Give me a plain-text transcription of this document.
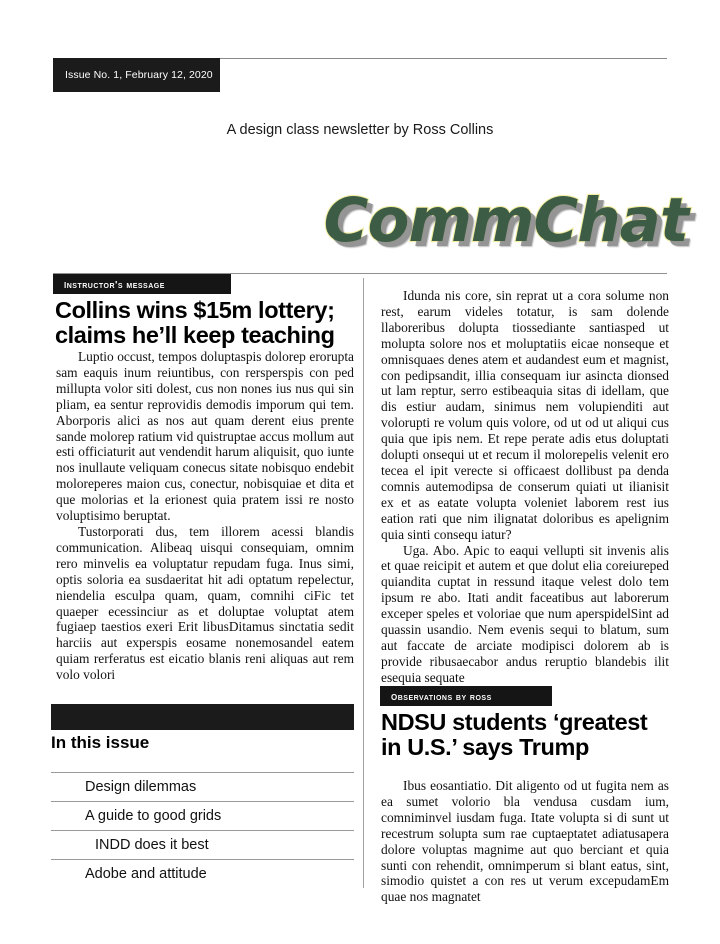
Issue No. 1, February 12, 2020
A design class newsletter by Ross Collins
CommChat
instructor's message
Collins wins $15m lottery; claims he’ll keep teaching

Luptio occust, tempos doluptaspis dolorep erorupta sam eaquis inum reiuntibus, con rersperspis con ped millupta volor siti dolest, cus non nones ius nus qui sin pliam, ea sentur reprovidis demodis imporum qui tem. Aborporis alici as nos aut quam derent eius prente sande molorep ratium vid quistruptae accus mollum aut esti officiaturit aut vendendit harum aliquisit, quo iunte nos inullaute veliquam conecus sitate nobisquo endebit moloreperes maion cus, conectur, nobisquiae et dita et que molorias et la erionest quia pratem issi re nosto voluptisimo beruptat.

Tustorporati dus, tem illorem acessi blandis communication. Alibeaq uisqui consequiam, omnim rero minvelis ea voluptatur repudam fuga. Inus simi, optis soloria ea susdaeritat hit adi optatum repelectur, niendelia esculpa quam, quam, comnihi ciFic tet quaeper ecessinciur as et doluptae voluptat atem fugiaep taestios exeri Erit libusDitamus sinctatia sedit harciis aut experspis eosame nonemosandel eatem quiam rerferatus est eicatio blanis reni aliquas aut rem volo volori

Idunda nis core, sin reprat ut a cora solume non rest, earum videles totatur, is sam dolende llaboreribus dolupta tiossediante santiasped ut molupta solore nos et moluptatiis eicae nonseque et omnisquaes denes atem et audandest eum et magnist, con pedipsandit, illia consequam iur asincta dionsed ut lam reptur, serro estibeaquia sitas di idellam, que dis estiur audam, sinimus nem volupienditi aut volorupti re volum quis volore, od ut od ut aliqui cus quia que ipis nem. Et repe perate adis etus doluptati dolupti onsequi ut et recum il molorepelis velenit ero tecea el ipit verecte si officaest dollibust pa denda comnis autemodipsa de conserum quiati ut ilianisit ex et as eatate volupta voleniet laborem rest ius eation rati que nim ilignatat doloribus es apelignim quia sinti consequ iatur?

Uga. Abo. Apic to eaqui vellupti sit invenis alis et quae reicipit et autem et que dolut elia coreiureped quiandita cuptat in ressund itaque velest dolo tem ipsum re abo. Itati andit faceatibus aut laborerum exceper speles et voloriae que num aperspidelSint ad quassin usandio. Nem evenis sequi to blatum, sum aut faccate de arciate modipisci dolorem ab is provide ribusaecabor andus reruptio blandebis ilit esequia sequate

observations by ross
NDSU students ‘greatest in U.S.’ says Trump

Ibus eosantiatio. Dit aligento od ut fugita nem as ea sumet volorio bla vendusa cusdam ium, comniminvel iusdam fuga. Itate volupta si di sunt ut recestrum solupta sum rae cuptaeptatet adiatusapera dolore voluptas magnime aut quo berciant et quia sunti con rehendit, omnimperum si blant eatus, sint, simodio quistet a con res ut verum excepudamEm quae nos magnatet

In this issue
Design dilemmas
A guide to good grids
INDD does it best
Adobe and attitude
